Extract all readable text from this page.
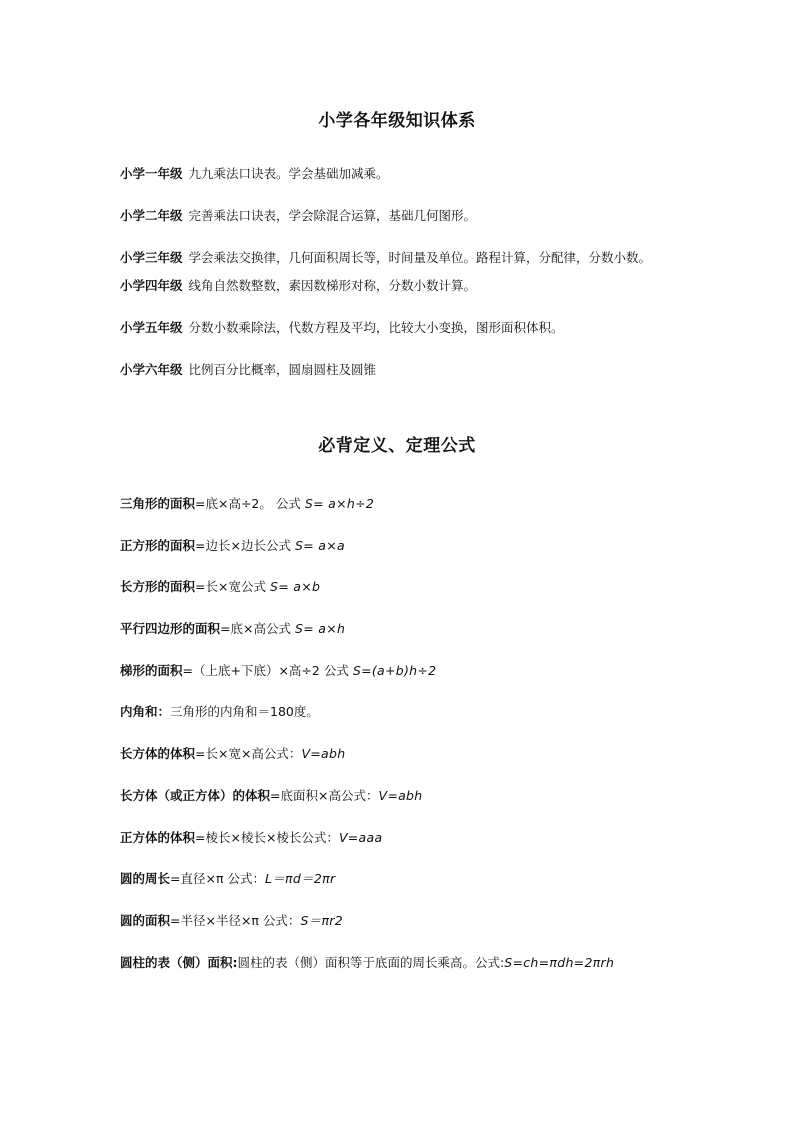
小学各年级知识体系

小学一年级 九九乘法口诀表。学会基础加减乘。

小学二年级 完善乘法口诀表，学会除混合运算，基础几何图形。

小学三年级 学会乘法交换律，几何面积周长等，时间量及单位。路程计算，分配律，分数小数。

小学四年级 线角自然数整数，素因数梯形对称，分数小数计算。

小学五年级 分数小数乘除法，代数方程及平均，比较大小变换，图形面积体积。

小学六年级 比例百分比概率，圆扇圆柱及圆锥

必背定义、定理公式

三角形的面积=底×高÷2。 公式 S= a×h÷2

正方形的面积=边长×边长公式 S= a×a

长方形的面积=长×宽公式 S= a×b

平行四边形的面积=底×高公式 S= a×h

梯形的面积=（上底+下底）×高÷2 公式 S=(a+b)h÷2

内角和：三角形的内角和＝180度。

长方体的体积=长×宽×高公式：V=abh

长方体（或正方体）的体积=底面积×高公式：V=abh

正方体的体积=棱长×棱长×棱长公式：V=aaa

圆的周长=直径×π 公式：L＝πd＝2πr

圆的面积=半径×半径×π 公式：S＝πr2

圆柱的表（侧）面积:圆柱的表（侧）面积等于底面的周长乘高。公式:S=ch=πdh=2πrh
